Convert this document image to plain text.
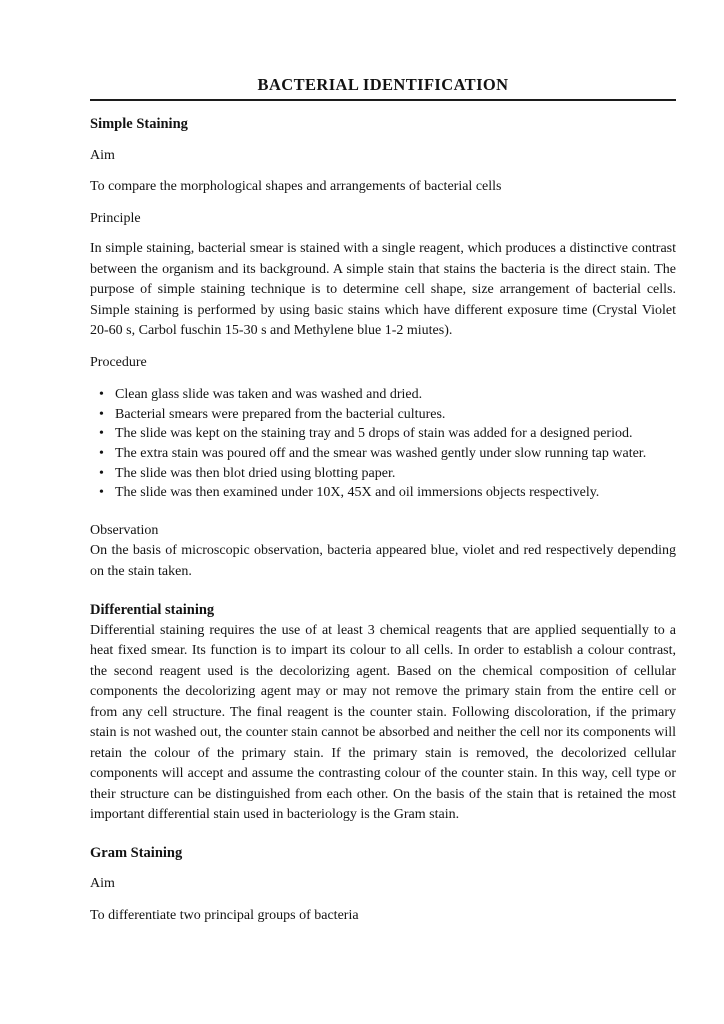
BACTERIAL IDENTIFICATION
Simple Staining

Aim

To compare the morphological shapes and arrangements of bacterial cells

Principle

In simple staining, bacterial smear is stained with a single reagent, which produces a distinctive contrast between the organism and its background. A simple stain that stains the bacteria is the direct stain. The purpose of simple staining technique is to determine cell shape, size arrangement of bacterial cells. Simple staining is performed by using basic stains which have different exposure time (Crystal Violet 20-60 s, Carbol fuschin 15-30 s and Methylene blue 1-2 miutes).

Procedure

• Clean glass slide was taken and was washed and dried.
• Bacterial smears were prepared from the bacterial cultures.
• The slide was kept on the staining tray and 5 drops of stain was added for a designed period.
• The extra stain was poured off and the smear was washed gently under slow running tap water.
• The slide was then blot dried using blotting paper.
• The slide was then examined under 10X, 45X and oil immersions objects respectively.

Observation

On the basis of microscopic observation, bacteria appeared blue, violet and red respectively depending on the stain taken.

Differential staining

Differential staining requires the use of at least 3 chemical reagents that are applied sequentially to a heat fixed smear. Its function is to impart its colour to all cells. In order to establish a colour contrast, the second reagent used is the decolorizing agent. Based on the chemical composition of cellular components the decolorizing agent may or may not remove the primary stain from the entire cell or from any cell structure. The final reagent is the counter stain. Following discoloration, if the primary stain is not washed out, the counter stain cannot be absorbed and neither the cell nor its components will retain the colour of the primary stain. If the primary stain is removed, the decolorized cellular components will accept and assume the contrasting colour of the counter stain. In this way, cell type or their structure can be distinguished from each other. On the basis of the stain that is retained the most important differential stain used in bacteriology is the Gram stain.

Gram Staining

Aim

To differentiate two principal groups of bacteria
